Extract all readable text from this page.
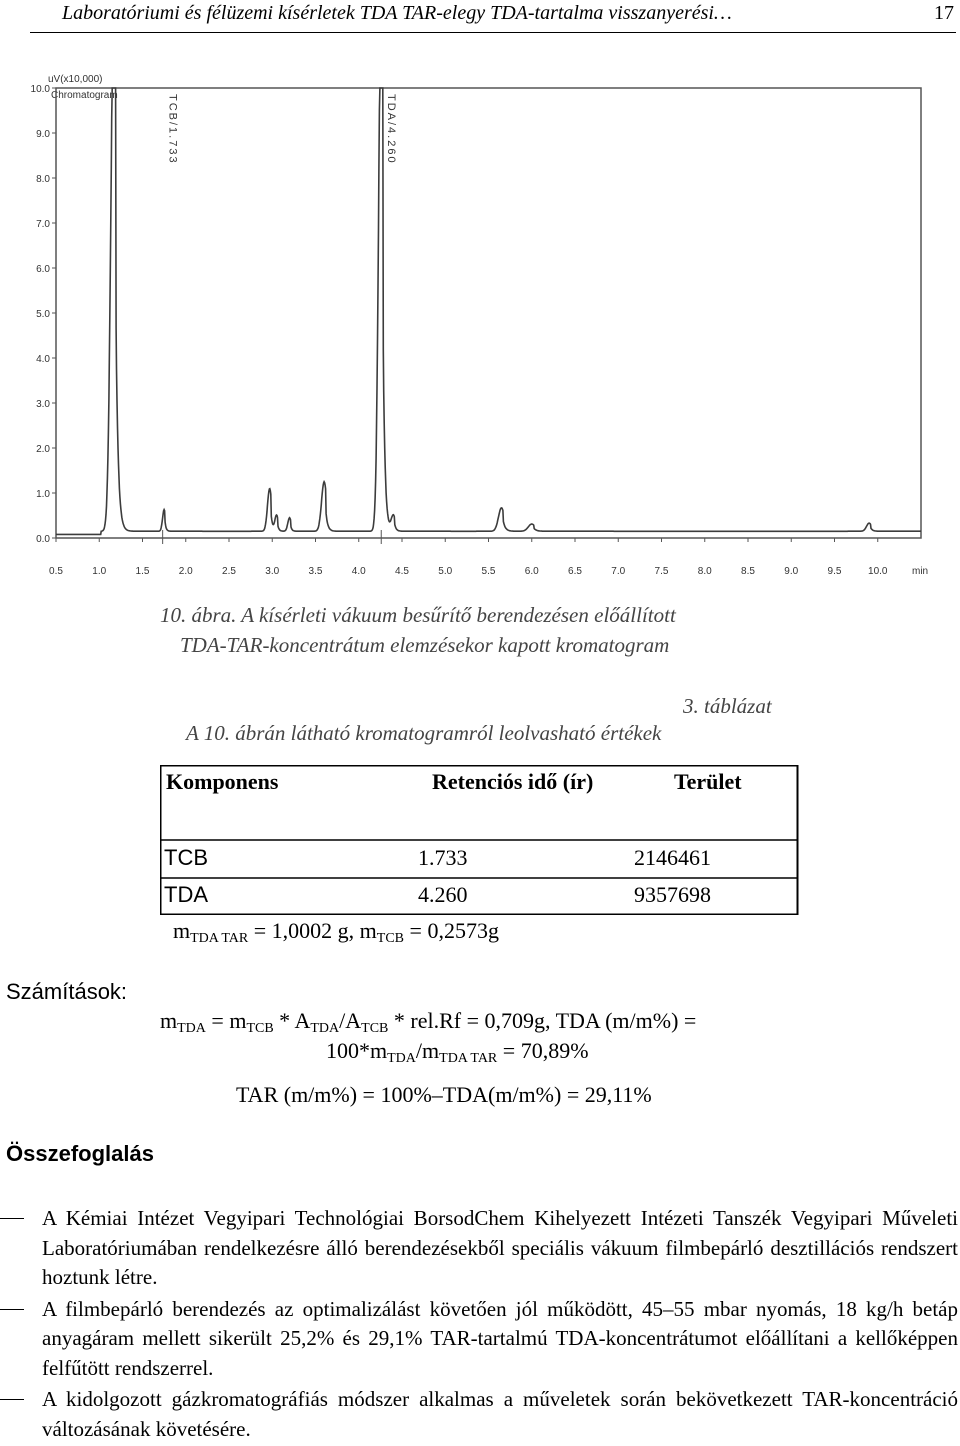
Laboratóriumi és félüzemi kísérletek TDA TAR-elegy TDA-tartalma visszanyerési…	17
uV(x10,000)
Chromatogram
min
0.0
1.0
2.0
3.0
4.0
5.0
6.0
7.0
8.0
9.0
10.0
0.5	1.0	1.5	2.0	2.5	3.0	3.5	4.0	4.5	5.0	5.5	6.0	6.5	7.0	7.5	8.0	8.5	9.0	9.5	10.0
TCB/1.733	TDA/4.260
10. ábra. A kísérleti vákuum besűrítő berendezésen előállított
TDA-TAR-koncentrátum elemzésekor kapott kromatogram
3. táblázat
A 10. ábrán látható kromatogramról leolvasható értékek
Komponens	Retenciós idő (ír)	Terület
TCB	1.733	2146461
TDA	4.260	9357698
$m_{TDA TAR} = 1,0002$ g, $m_{TCB} = 0,2573g$
Számítások:
$m_{TDA} = m_{TCB} * A_{TDA}/A_{TCB} * rel.Rf = 0,709g$, TDA (m/m%) =
$100*m_{TDA}/m_{TDA TAR} = 70,89\%$
TAR (m/m%) = 100%–TDA(m/m%) = 29,11%
Összefoglalás
A Kémiai Intézet Vegyipari Technológiai BorsodChem Kihelyezett Intézeti Tanszék Vegyipari Műveleti Laboratóriumában rendelkezésre álló berendezésekből speciális vákuum filmbepárló desztillációs rendszert hoztunk létre.
A filmbepárló berendezés az optimalizálást követően jól működött, 45–55 mbar nyomás, 18 kg/h betáp anyagáram mellett sikerült 25,2% és 29,1% TAR-tartalmú TDA-koncentrátumot előállítani a kellőképpen felfűtött rendszerrel.
A kidolgozott gázkromatográfiás módszer alkalmas a műveletek során bekövetkezett TAR-koncentráció változásának követésére.
